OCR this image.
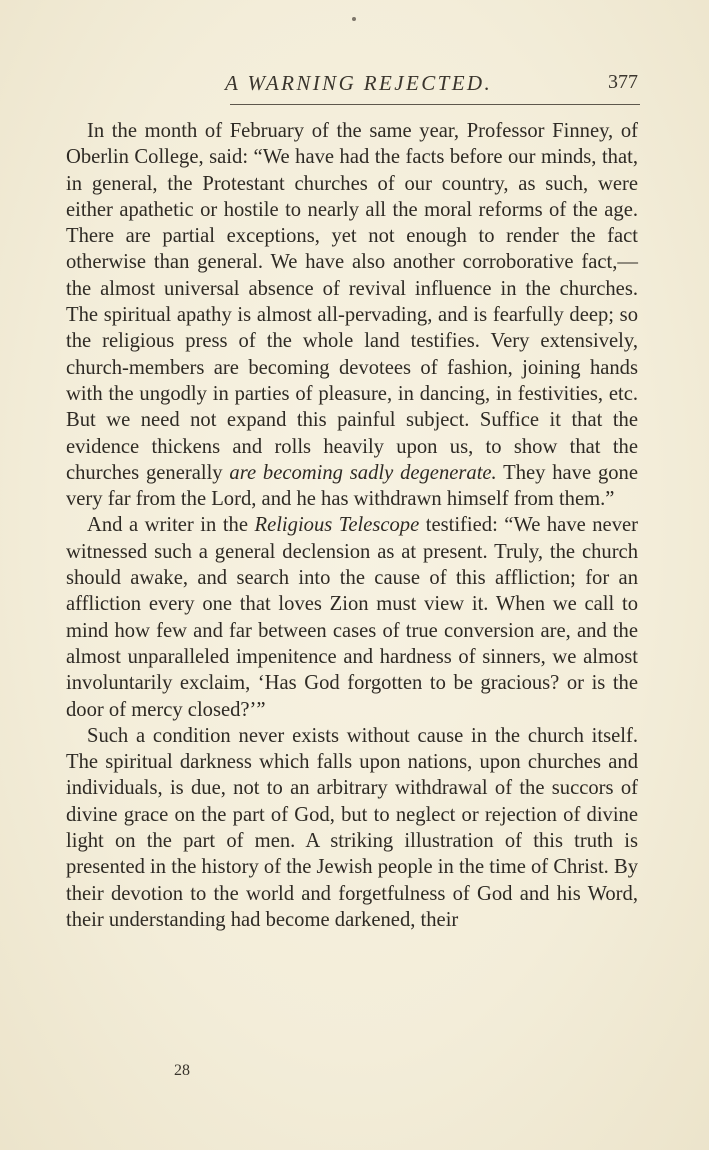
A WARNING REJECTED.	377

In the month of February of the same year, Professor Finney, of Oberlin College, said: “We have had the facts before our minds, that, in general, the Protestant churches of our country, as such, were either apathetic or hostile to nearly all the moral reforms of the age. There are partial exceptions, yet not enough to render the fact otherwise than general. We have also another corroborative fact,—the almost universal absence of revival influence in the churches. The spiritual apathy is almost all-pervading, and is fearfully deep; so the religious press of the whole land testifies. Very extensively, church-members are becoming devotees of fashion, joining hands with the ungodly in parties of pleasure, in dancing, in festivities, etc. But we need not expand this painful subject. Suffice it that the evidence thickens and rolls heavily upon us, to show that the churches generally are becoming sadly degenerate. They have gone very far from the Lord, and he has withdrawn himself from them.”

And a writer in the Religious Telescope testified: “We have never witnessed such a general declension as at present. Truly, the church should awake, and search into the cause of this affliction; for an affliction every one that loves Zion must view it. When we call to mind how few and far between cases of true conversion are, and the almost unparalleled impenitence and hardness of sinners, we almost involuntarily exclaim, ‘Has God forgotten to be gracious? or is the door of mercy closed?’”

Such a condition never exists without cause in the church itself. The spiritual darkness which falls upon nations, upon churches and individuals, is due, not to an arbitrary withdrawal of the succors of divine grace on the part of God, but to neglect or rejection of divine light on the part of men. A striking illustration of this truth is presented in the history of the Jewish people in the time of Christ. By their devotion to the world and forgetfulness of God and his Word, their understanding had become darkened, their

28
